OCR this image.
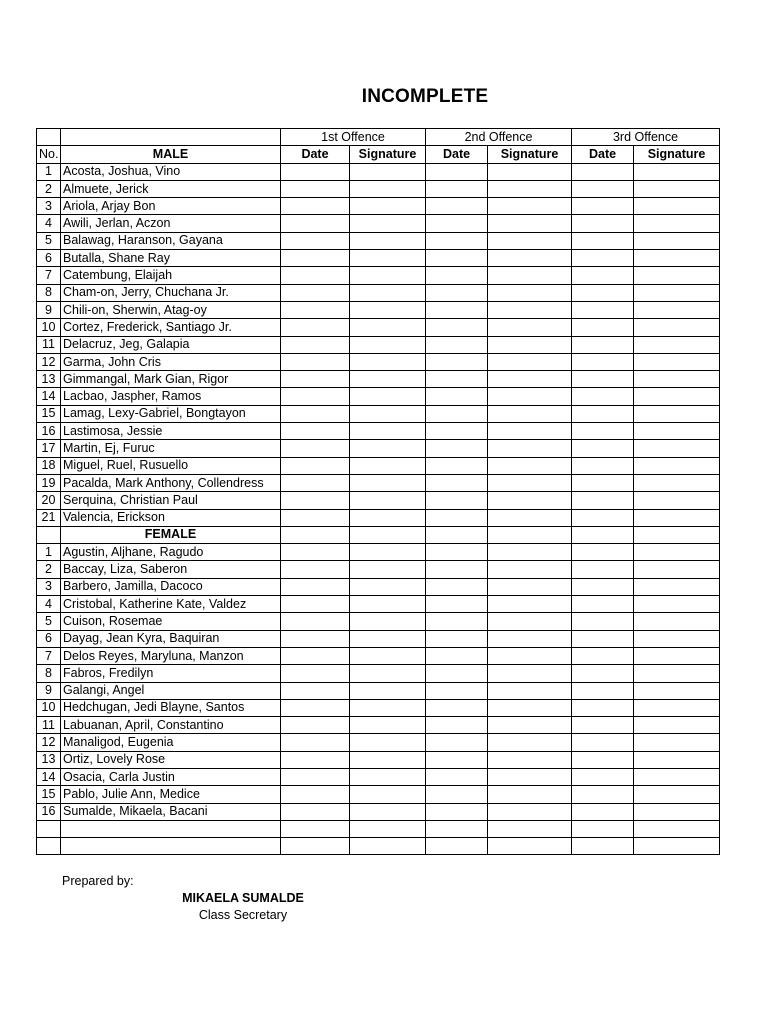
INCOMPLETE
		1st Offence		2nd Offence		3rd Offence	
No.	MALE	Date	Signature	Date	Signature	Date	Signature
1	Acosta, Joshua, Vino						
2	Almuete, Jerick						
3	Ariola, Arjay Bon						
4	Awili, Jerlan, Aczon						
5	Balawag, Haranson, Gayana						
6	Butalla, Shane Ray						
7	Catembung, Elaijah						
8	Cham-on, Jerry, Chuchana Jr.						
9	Chili-on, Sherwin, Atag-oy						
10	Cortez, Frederick, Santiago Jr.						
11	Delacruz, Jeg, Galapia						
12	Garma, John Cris						
13	Gimmangal, Mark Gian, Rigor						
14	Lacbao, Jaspher, Ramos						
15	Lamag, Lexy-Gabriel, Bongtayon						
16	Lastimosa, Jessie						
17	Martin, Ej, Furuc						
18	Miguel, Ruel, Rusuello						
19	Pacalda, Mark Anthony, Collendress						
20	Serquina, Christian Paul						
21	Valencia, Erickson						
	FEMALE						
1	Agustin, Aljhane, Ragudo						
2	Baccay, Liza, Saberon						
3	Barbero, Jamilla, Dacoco						
4	Cristobal, Katherine Kate, Valdez						
5	Cuison, Rosemae						
6	Dayag, Jean Kyra, Baquiran						
7	Delos Reyes, Maryluna, Manzon						
8	Fabros, Fredilyn						
9	Galangi, Angel						
10	Hedchugan, Jedi Blayne, Santos						
11	Labuanan, April, Constantino						
12	Manaligod, Eugenia						
13	Ortiz, Lovely Rose						
14	Osacia, Carla Justin						
15	Pablo, Julie Ann, Medice						
16	Sumalde, Mikaela, Bacani						

Prepared by:
MIKAELA SUMALDE
Class Secretary
